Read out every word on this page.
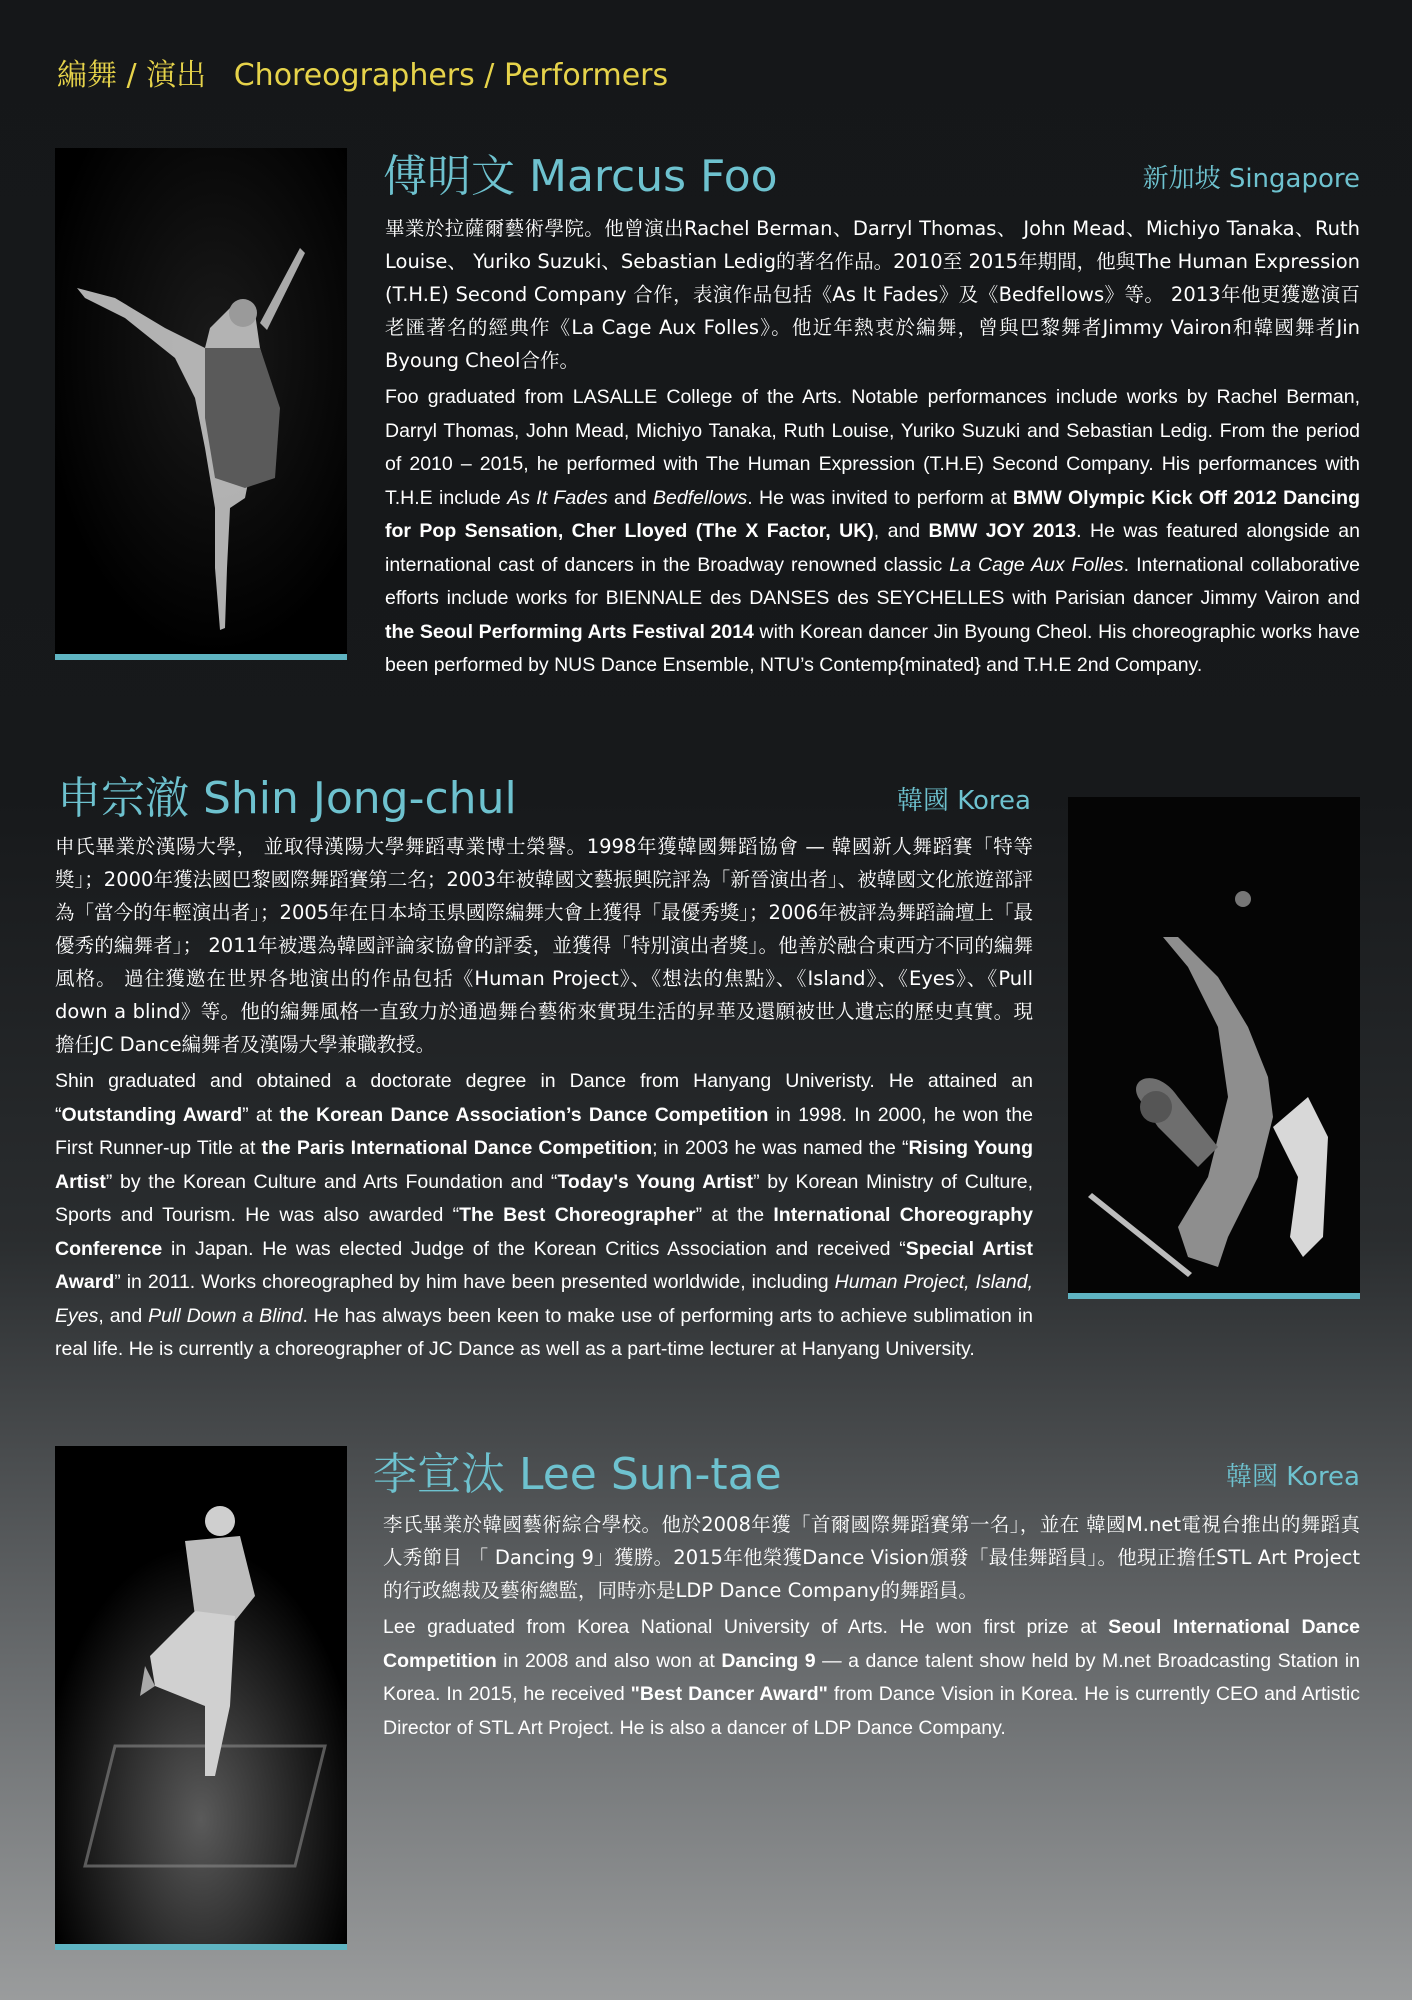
編舞 / 演出 Choreographers / Performers
傅明文 Marcus Foo	新加坡 Singapore

畢業於拉薩爾藝術學院。他曾演出Rachel Berman、Darryl Thomas、 John Mead、Michiyo Tanaka、Ruth Louise、 Yuriko Suzuki、Sebastian Ledig的著名作品。2010至 2015年期間，他與The Human Expression (T.H.E) Second Company 合作，表演作品包括《As It Fades》及《Bedfellows》等。 2013年他更獲邀演百老匯著名的經典作《La Cage Aux Folles》。他近年熱衷於編舞，曾與巴黎舞者Jimmy Vairon和韓國舞者Jin Byoung Cheol合作。

Foo graduated from LASALLE College of the Arts. Notable performances include works by Rachel Berman, Darryl Thomas, John Mead, Michiyo Tanaka, Ruth Louise, Yuriko Suzuki and Sebastian Ledig. From the period of 2010 – 2015, he performed with The Human Expression (T.H.E) Second Company. His performances with T.H.E include As It Fades and Bedfellows. He was invited to perform at BMW Olympic Kick Off 2012 Dancing for Pop Sensation, Cher Lloyed (The X Factor, UK), and BMW JOY 2013. He was featured alongside an international cast of dancers in the Broadway renowned classic La Cage Aux Folles. International collaborative efforts include works for BIENNALE des DANSES des SEYCHELLES with Parisian dancer Jimmy Vairon and the Seoul Performing Arts Festival 2014 with Korean dancer Jin Byoung Cheol. His choreographic works have been performed by NUS Dance Ensemble, NTU’s Contemp{minated} and T.H.E 2nd Company.

申宗澈 Shin Jong-chul	韓國 Korea

申氏畢業於漢陽大學， 並取得漢陽大學舞蹈專業博士榮譽。1998年獲韓國舞蹈協會 — 韓國新人舞蹈賽「特等獎」；2000年獲法國巴黎國際舞蹈賽第二名；2003年被韓國文藝振興院評為「新晉演出者」、被韓國文化旅遊部評為「當今的年輕演出者」；2005年在日本埼玉県國際編舞大會上獲得「最優秀獎」；2006年被評為舞蹈論壇上「最優秀的編舞者」； 2011年被選為韓國評論家協會的評委，並獲得「特別演出者獎」。他善於融合東西方不同的編舞風格。 過往獲邀在世界各地演出的作品包括《Human Project》、《想法的焦點》、《Island》、《Eyes》、《Pull down a blind》等。他的編舞風格一直致力於通過舞台藝術來實現生活的昇華及還願被世人遺忘的歷史真實。現擔任JC Dance編舞者及漢陽大學兼職教授。

Shin graduated and obtained a doctorate degree in Dance from Hanyang Univeristy. He attained an “Outstanding Award” at the Korean Dance Association’s Dance Competition in 1998. In 2000, he won the First Runner-up Title at the Paris International Dance Competition; in 2003 he was named the “Rising Young Artist” by the Korean Culture and Arts Foundation and “Today's Young Artist” by Korean Ministry of Culture, Sports and Tourism. He was also awarded “The Best Choreographer” at the International Choreography Conference in Japan. He was elected Judge of the Korean Critics Association and received “Special Artist Award” in 2011. Works choreographed by him have been presented worldwide, including Human Project, Island, Eyes, and Pull Down a Blind. He has always been keen to make use of performing arts to achieve sublimation in real life. He is currently a choreographer of JC Dance as well as a part-time lecturer at Hanyang University.

李宣汰 Lee Sun-tae	韓國 Korea

李氏畢業於韓國藝術綜合學校。他於2008年獲「首爾國際舞蹈賽第一名」，並在 韓國M.net電視台推出的舞蹈真人秀節目 「 Dancing 9」獲勝。2015年他榮獲Dance Vision頒發「最佳舞蹈員」。他現正擔任STL Art Project 的行政總裁及藝術總監，同時亦是LDP Dance Company的舞蹈員。

Lee graduated from Korea National University of Arts. He won first prize at Seoul International Dance Competition in 2008 and also won at Dancing 9 — a dance talent show held by M.net Broadcasting Station in Korea. In 2015, he received "Best Dancer Award" from Dance Vision in Korea. He is currently CEO and Artistic Director of STL Art Project. He is also a dancer of LDP Dance Company.
